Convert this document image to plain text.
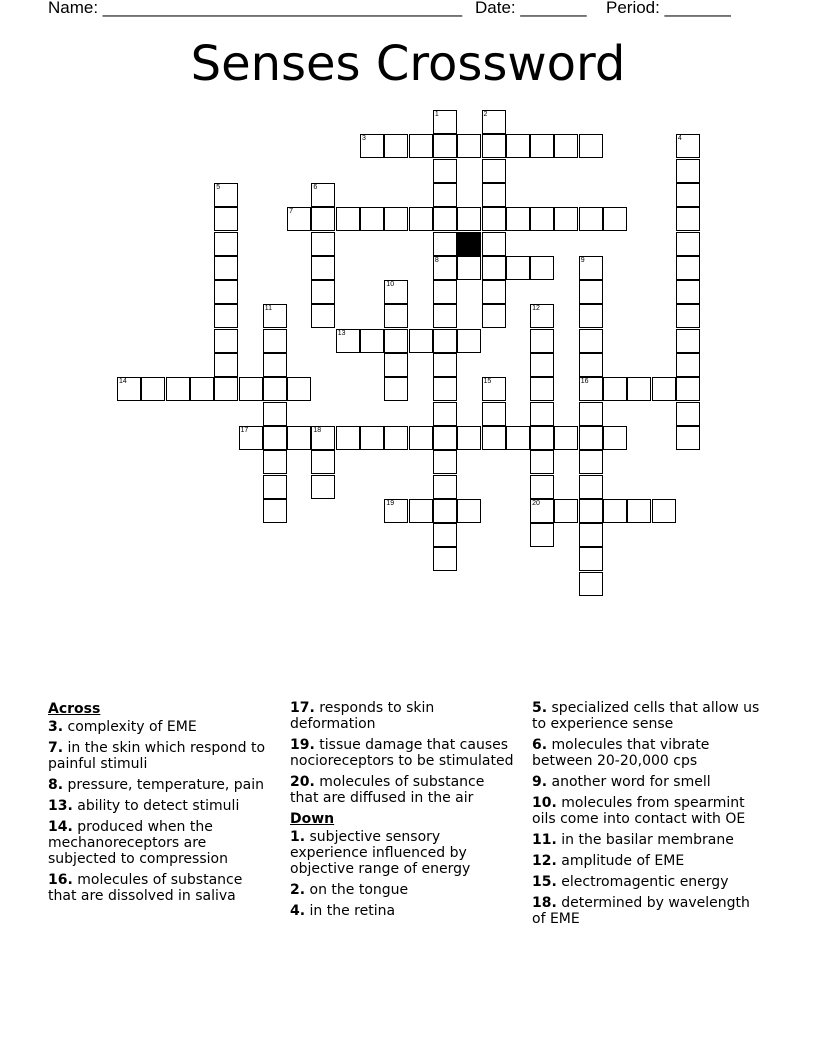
Name: ______________________________________ Date: _______ Period: _______
Senses Crossword
1
8
2
3	4
5	6
7
9
16
10
11	12
20
13
14	15
17	18
19
Across
3. complexity of EME
7. in the skin which respond to painful stimuli
8. pressure, temperature, pain
13. ability to detect stimuli
14. produced when the mechanoreceptors are subjected to compression
16. molecules of substance that are dissolved in saliva
17. responds to skin deformation
19. tissue damage that causes nocioreceptors to be stimulated
20. molecules of substance that are diffused in the air
Down
1. subjective sensory experience influenced by objective range of energy
2. on the tongue
4. in the retina
5. specialized cells that allow us to experience sense
6. molecules that vibrate between 20-20,000 cps
9. another word for smell
10. molecules from spearmint oils come into contact with OE
11. in the basilar membrane
12. amplitude of EME
15. electromagentic energy
18. determined by wavelength of EME
